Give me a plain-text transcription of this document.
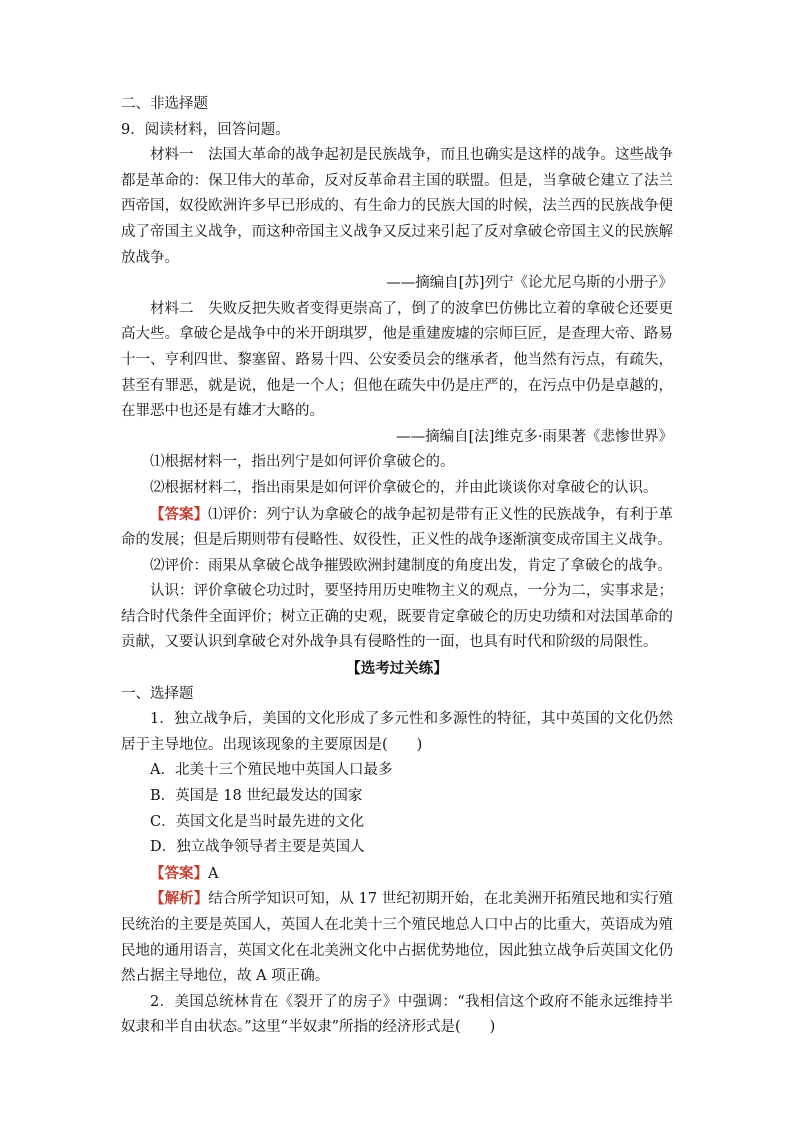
二、非选择题
9．阅读材料，回答问题。
材料一　法国大革命的战争起初是民族战争，而且也确实是这样的战争。这些战争都是革命的：保卫伟大的革命，反对反革命君主国的联盟。但是，当拿破仑建立了法兰西帝国，奴役欧洲许多早已形成的、有生命力的民族大国的时候，法兰西的民族战争便成了帝国主义战争，而这种帝国主义战争又反过来引起了反对拿破仑帝国主义的民族解放战争。
——摘编自[苏]列宁《论尤尼乌斯的小册子》
材料二　失败反把失败者变得更崇高了，倒了的波拿巴仿佛比立着的拿破仑还要更高大些。拿破仑是战争中的米开朗琪罗，他是重建废墟的宗师巨匠，是查理大帝、路易十一、亨利四世、黎塞留、路易十四、公安委员会的继承者，他当然有污点，有疏失，甚至有罪恶，就是说，他是一个人；但他在疏失中仍是庄严的，在污点中仍是卓越的，在罪恶中也还是有雄才大略的。
——摘编自[法]维克多·雨果著《悲惨世界》
⑴根据材料一，指出列宁是如何评价拿破仑的。
⑵根据材料二，指出雨果是如何评价拿破仑的，并由此谈谈你对拿破仑的认识。
【答案】⑴评价：列宁认为拿破仑的战争起初是带有正义性的民族战争，有利于革命的发展；但是后期则带有侵略性、奴役性，正义性的战争逐渐演变成帝国主义战争。
⑵评价：雨果从拿破仑战争摧毁欧洲封建制度的角度出发，肯定了拿破仑的战争。
认识：评价拿破仑功过时，要坚持用历史唯物主义的观点，一分为二，实事求是；结合时代条件全面评价；树立正确的史观，既要肯定拿破仑的历史功绩和对法国革命的贡献，又要认识到拿破仑对外战争具有侵略性的一面，也具有时代和阶级的局限性。
【选考过关练】
一、选择题
1．独立战争后，美国的文化形成了多元性和多源性的特征，其中英国的文化仍然居于主导地位。出现该现象的主要原因是(　　)
A．北美十三个殖民地中英国人口最多
B．英国是 18 世纪最发达的国家
C．英国文化是当时最先进的文化
D．独立战争领导者主要是英国人
【答案】A
【解析】结合所学知识可知，从 17 世纪初期开始，在北美洲开拓殖民地和实行殖民统治的主要是英国人，英国人在北美十三个殖民地总人口中占的比重大，英语成为殖民地的通用语言，英国文化在北美洲文化中占据优势地位，因此独立战争后英国文化仍然占据主导地位，故 A 项正确。
2．美国总统林肯在《裂开了的房子》中强调：“我相信这个政府不能永远维持半奴隶和半自由状态。”这里“半奴隶”所指的经济形式是(　　)
